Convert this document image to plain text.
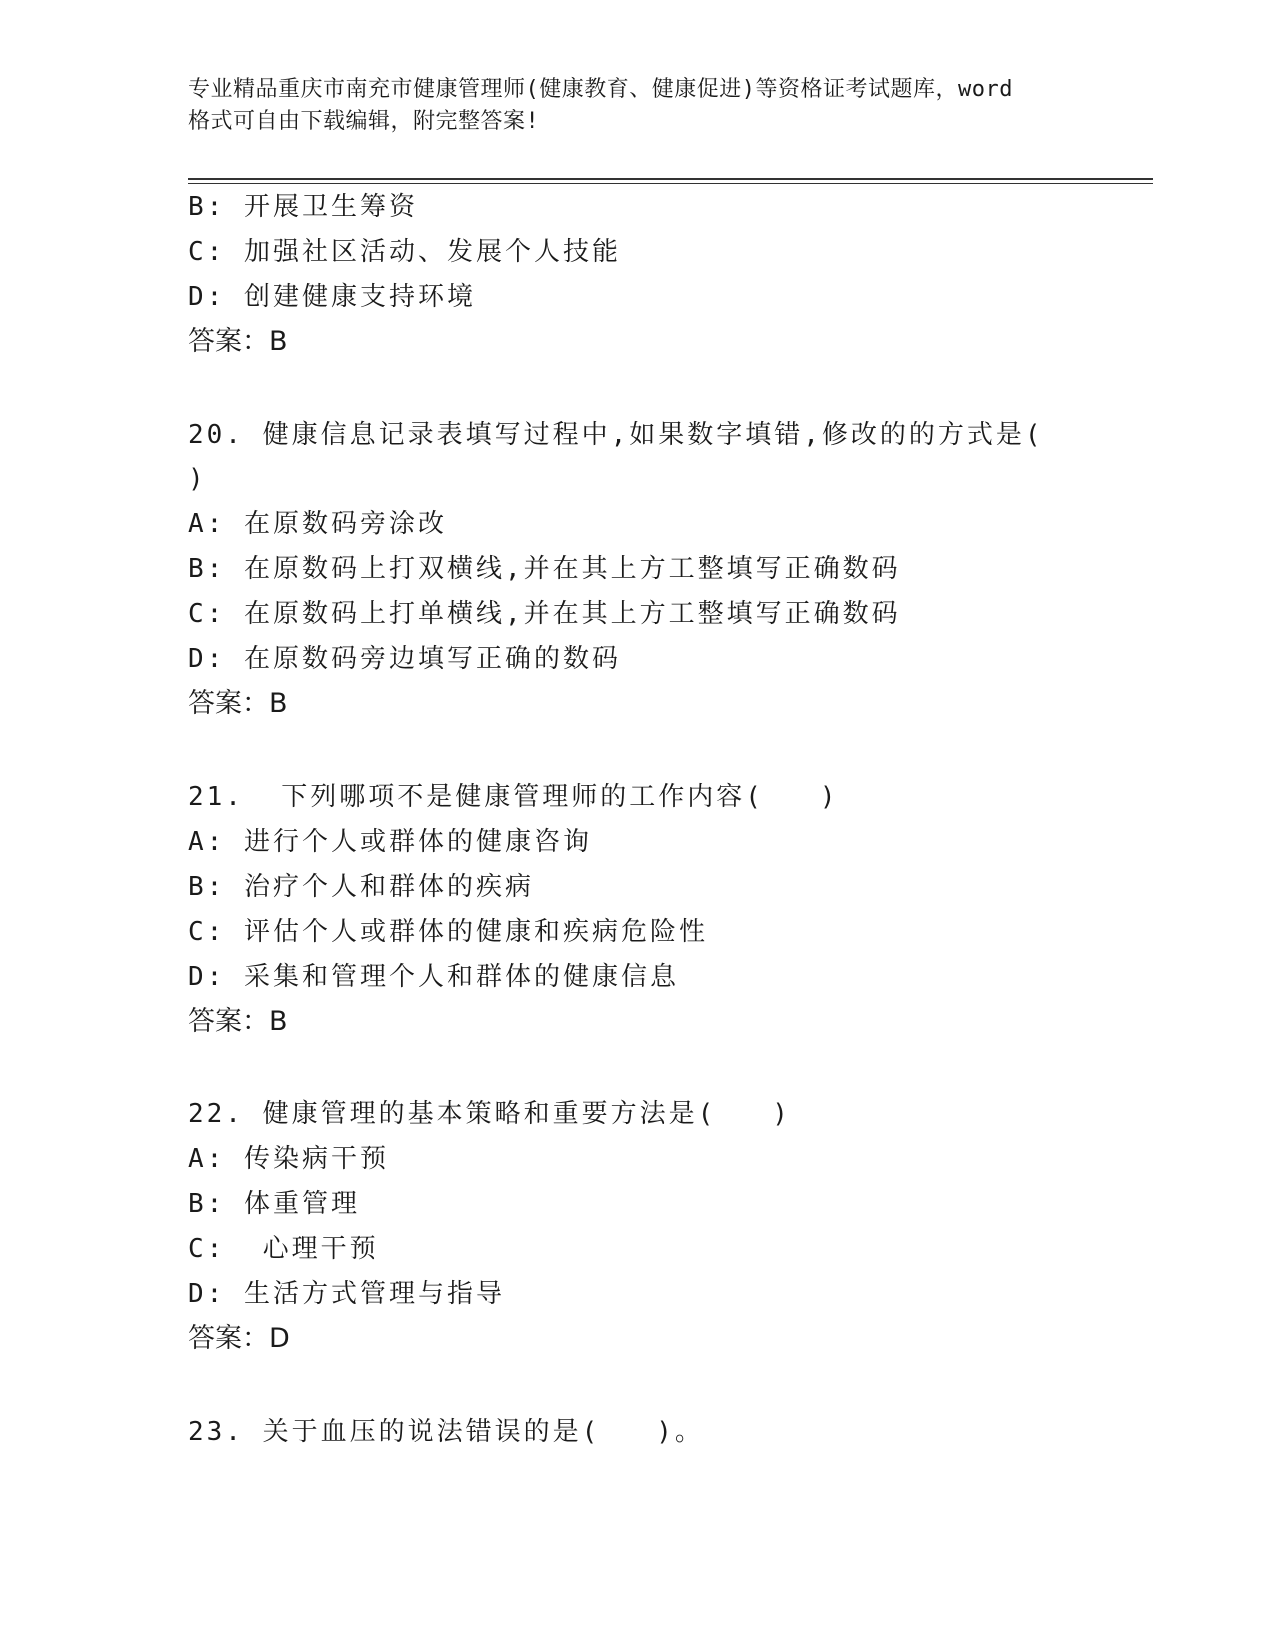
专业精品重庆市南充市健康管理师(健康教育、健康促进)等资格证考试题库，word
格式可自由下载编辑，附完整答案!
B: 开展卫生筹资
C: 加强社区活动、发展个人技能
D: 创建健康支持环境
答案：B
20. 健康信息记录表填写过程中,如果数字填错,修改的的方式是(
)
A: 在原数码旁涂改
B: 在原数码上打双横线,并在其上方工整填写正确数码
C: 在原数码上打单横线,并在其上方工整填写正确数码
D: 在原数码旁边填写正确的数码
答案：B
21.  下列哪项不是健康管理师的工作内容(   )
A: 进行个人或群体的健康咨询
B: 治疗个人和群体的疾病
C: 评估个人或群体的健康和疾病危险性
D: 采集和管理个人和群体的健康信息
答案：B
22. 健康管理的基本策略和重要方法是(   )
A: 传染病干预
B: 体重管理
C:  心理干预
D: 生活方式管理与指导
答案：D
23. 关于血压的说法错误的是(   )。
